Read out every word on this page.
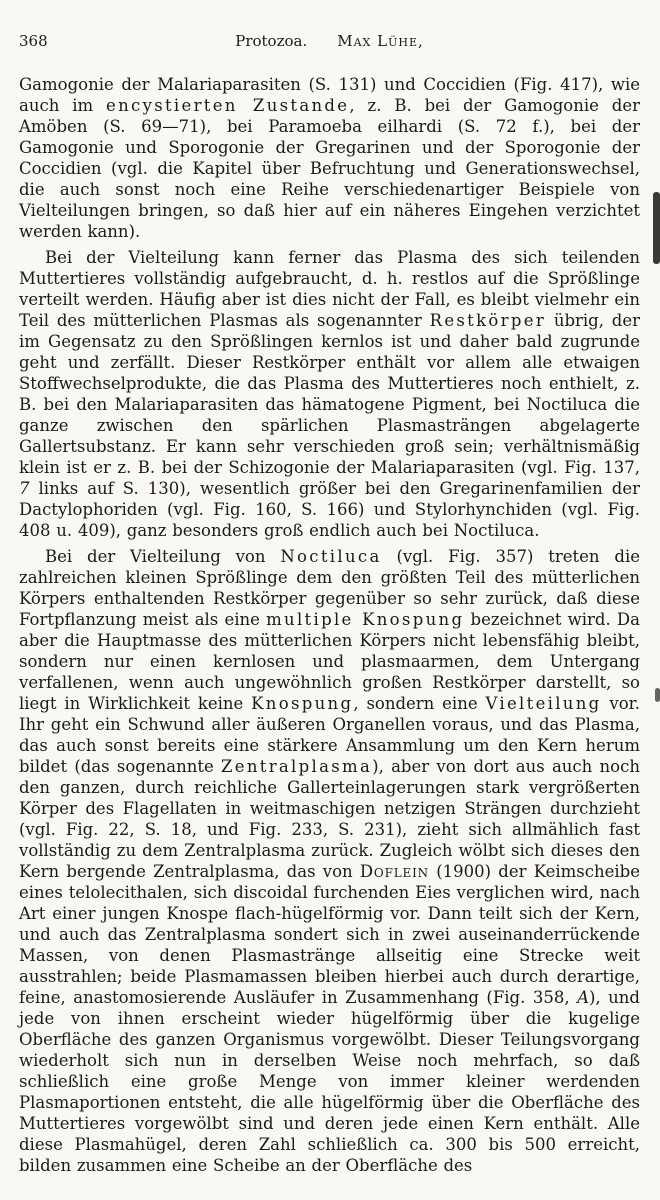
368	Protozoa. Max Lühe,

Gamogonie der Malariaparasiten (S. 131) und Coccidien (Fig. 417), wie auch im encystierten Zustande, z. B. bei der Gamogonie der Amöben (S. 69—71), bei Paramoeba eilhardi (S. 72 f.), bei der Gamogonie und Sporogonie der Gregarinen und der Sporogonie der Coccidien (vgl. die Kapitel über Befruchtung und Generationswechsel, die auch sonst noch eine Reihe verschiedenartiger Beispiele von Vielteilungen bringen, so daß hier auf ein näheres Eingehen verzichtet werden kann).

Bei der Vielteilung kann ferner das Plasma des sich teilenden Muttertieres vollständig aufgebraucht, d. h. restlos auf die Sprößlinge verteilt werden. Häufig aber ist dies nicht der Fall, es bleibt vielmehr ein Teil des mütterlichen Plasmas als sogenannter Restkörper übrig, der im Gegensatz zu den Sprößlingen kernlos ist und daher bald zugrunde geht und zerfällt. Dieser Restkörper enthält vor allem alle etwaigen Stoffwechselprodukte, die das Plasma des Muttertieres noch enthielt, z. B. bei den Malariaparasiten das hämatogene Pigment, bei Noctiluca die ganze zwischen den spärlichen Plasmasträngen abgelagerte Gallertsubstanz. Er kann sehr verschieden groß sein; verhältnismäßig klein ist er z. B. bei der Schizogonie der Malariaparasiten (vgl. Fig. 137, 7 links auf S. 130), wesentlich größer bei den Gregarinenfamilien der Dactylophoriden (vgl. Fig. 160, S. 166) und Stylorhynchiden (vgl. Fig. 408 u. 409), ganz besonders groß endlich auch bei Noctiluca.

Bei der Vielteilung von Noctiluca (vgl. Fig. 357) treten die zahlreichen kleinen Sprößlinge dem den größten Teil des mütterlichen Körpers enthaltenden Restkörper gegenüber so sehr zurück, daß diese Fortpflanzung meist als eine multiple Knospung bezeichnet wird. Da aber die Hauptmasse des mütterlichen Körpers nicht lebensfähig bleibt, sondern nur einen kernlosen und plasmaarmen, dem Untergang verfallenen, wenn auch ungewöhnlich großen Restkörper darstellt, so liegt in Wirklichkeit keine Knospung, sondern eine Vielteilung vor. Ihr geht ein Schwund aller äußeren Organellen voraus, und das Plasma, das auch sonst bereits eine stärkere Ansammlung um den Kern herum bildet (das sogenannte Zentralplasma), aber von dort aus auch noch den ganzen, durch reichliche Gallerteinlagerungen stark vergrößerten Körper des Flagellaten in weitmaschigen netzigen Strängen durchzieht (vgl. Fig. 22, S. 18, und Fig. 233, S. 231), zieht sich allmählich fast vollständig zu dem Zentralplasma zurück. Zugleich wölbt sich dieses den Kern bergende Zentralplasma, das von Doflein (1900) der Keimscheibe eines telolecithalen, sich discoidal furchenden Eies verglichen wird, nach Art einer jungen Knospe flach-hügelförmig vor. Dann teilt sich der Kern, und auch das Zentralplasma sondert sich in zwei auseinanderrückende Massen, von denen Plasmastränge allseitig eine Strecke weit ausstrahlen; beide Plasmamassen bleiben hierbei auch durch derartige, feine, anastomosierende Ausläufer in Zusammenhang (Fig. 358, A), und jede von ihnen erscheint wieder hügelförmig über die kugelige Oberfläche des ganzen Organismus vorgewölbt. Dieser Teilungsvorgang wiederholt sich nun in derselben Weise noch mehrfach, so daß schließlich eine große Menge von immer kleiner werdenden Plasmaportionen entsteht, die alle hügelförmig über die Oberfläche des Muttertieres vorgewölbt sind und deren jede einen Kern enthält. Alle diese Plasmahügel, deren Zahl schließlich ca. 300 bis 500 erreicht, bilden zusammen eine Scheibe an der Oberfläche des
